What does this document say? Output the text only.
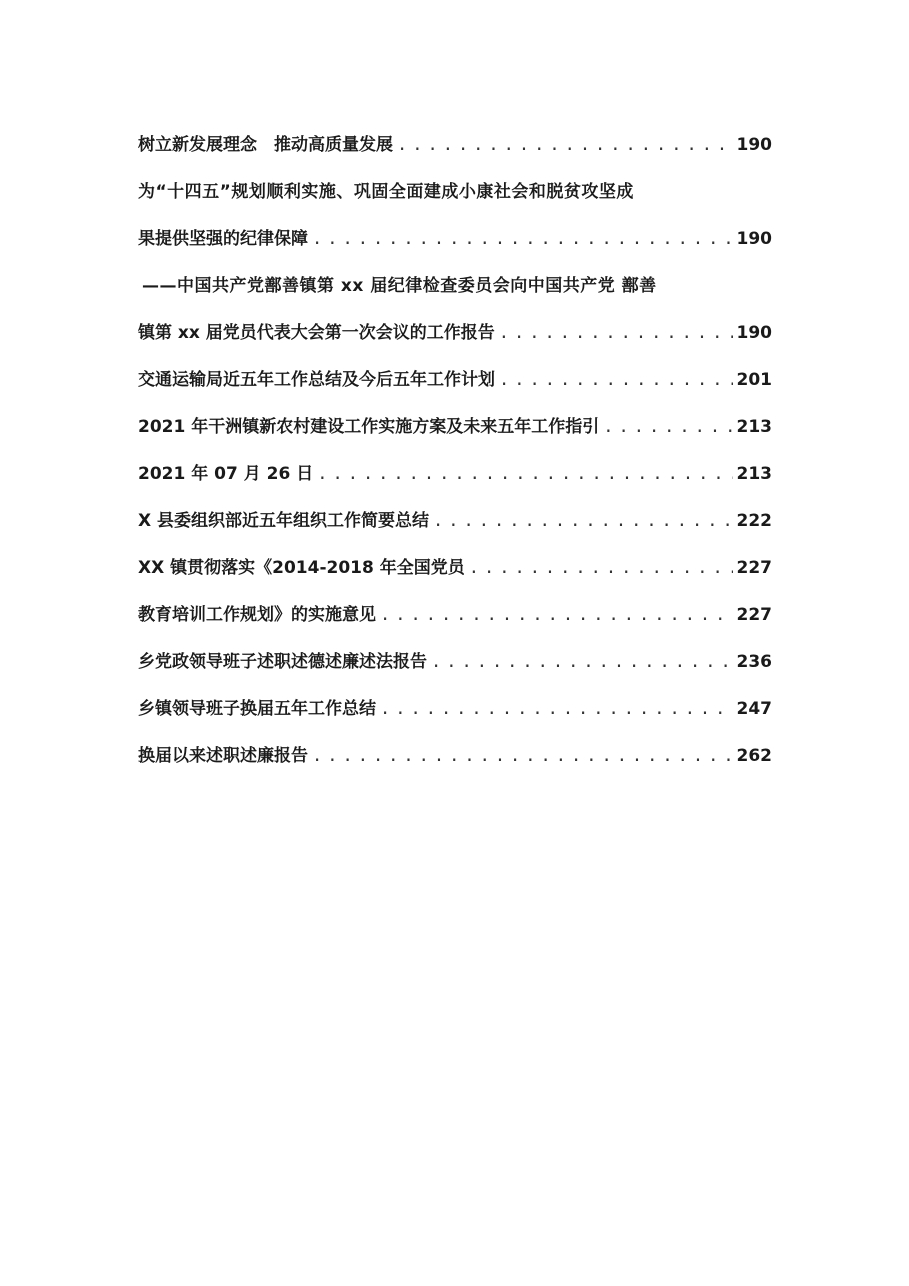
树立新发展理念　推动高质量发展 .....	190
为“十四五”规划顺利实施、巩固全面建成小康社会和脱贫攻坚成
果提供坚强的纪律保障 .....	190
——中国共产党鄯善镇第 xx 届纪律检查委员会向中国共产党 鄯善
镇第 xx 届党员代表大会第一次会议的工作报告 .....	190
交通运输局近五年工作总结及今后五年工作计划 .....	201
2021 年干洲镇新农村建设工作实施方案及未来五年工作指引 .....	213
2021 年 07 月 26 日 .....	213
X 县委组织部近五年组织工作简要总结 .....	222
XX 镇贯彻落实《2014-2018 年全国党员 .....	227
教育培训工作规划》的实施意见 .....	227
乡党政领导班子述职述德述廉述法报告 .....	236
乡镇领导班子换届五年工作总结 .....	247
换届以来述职述廉报告 .....	262
